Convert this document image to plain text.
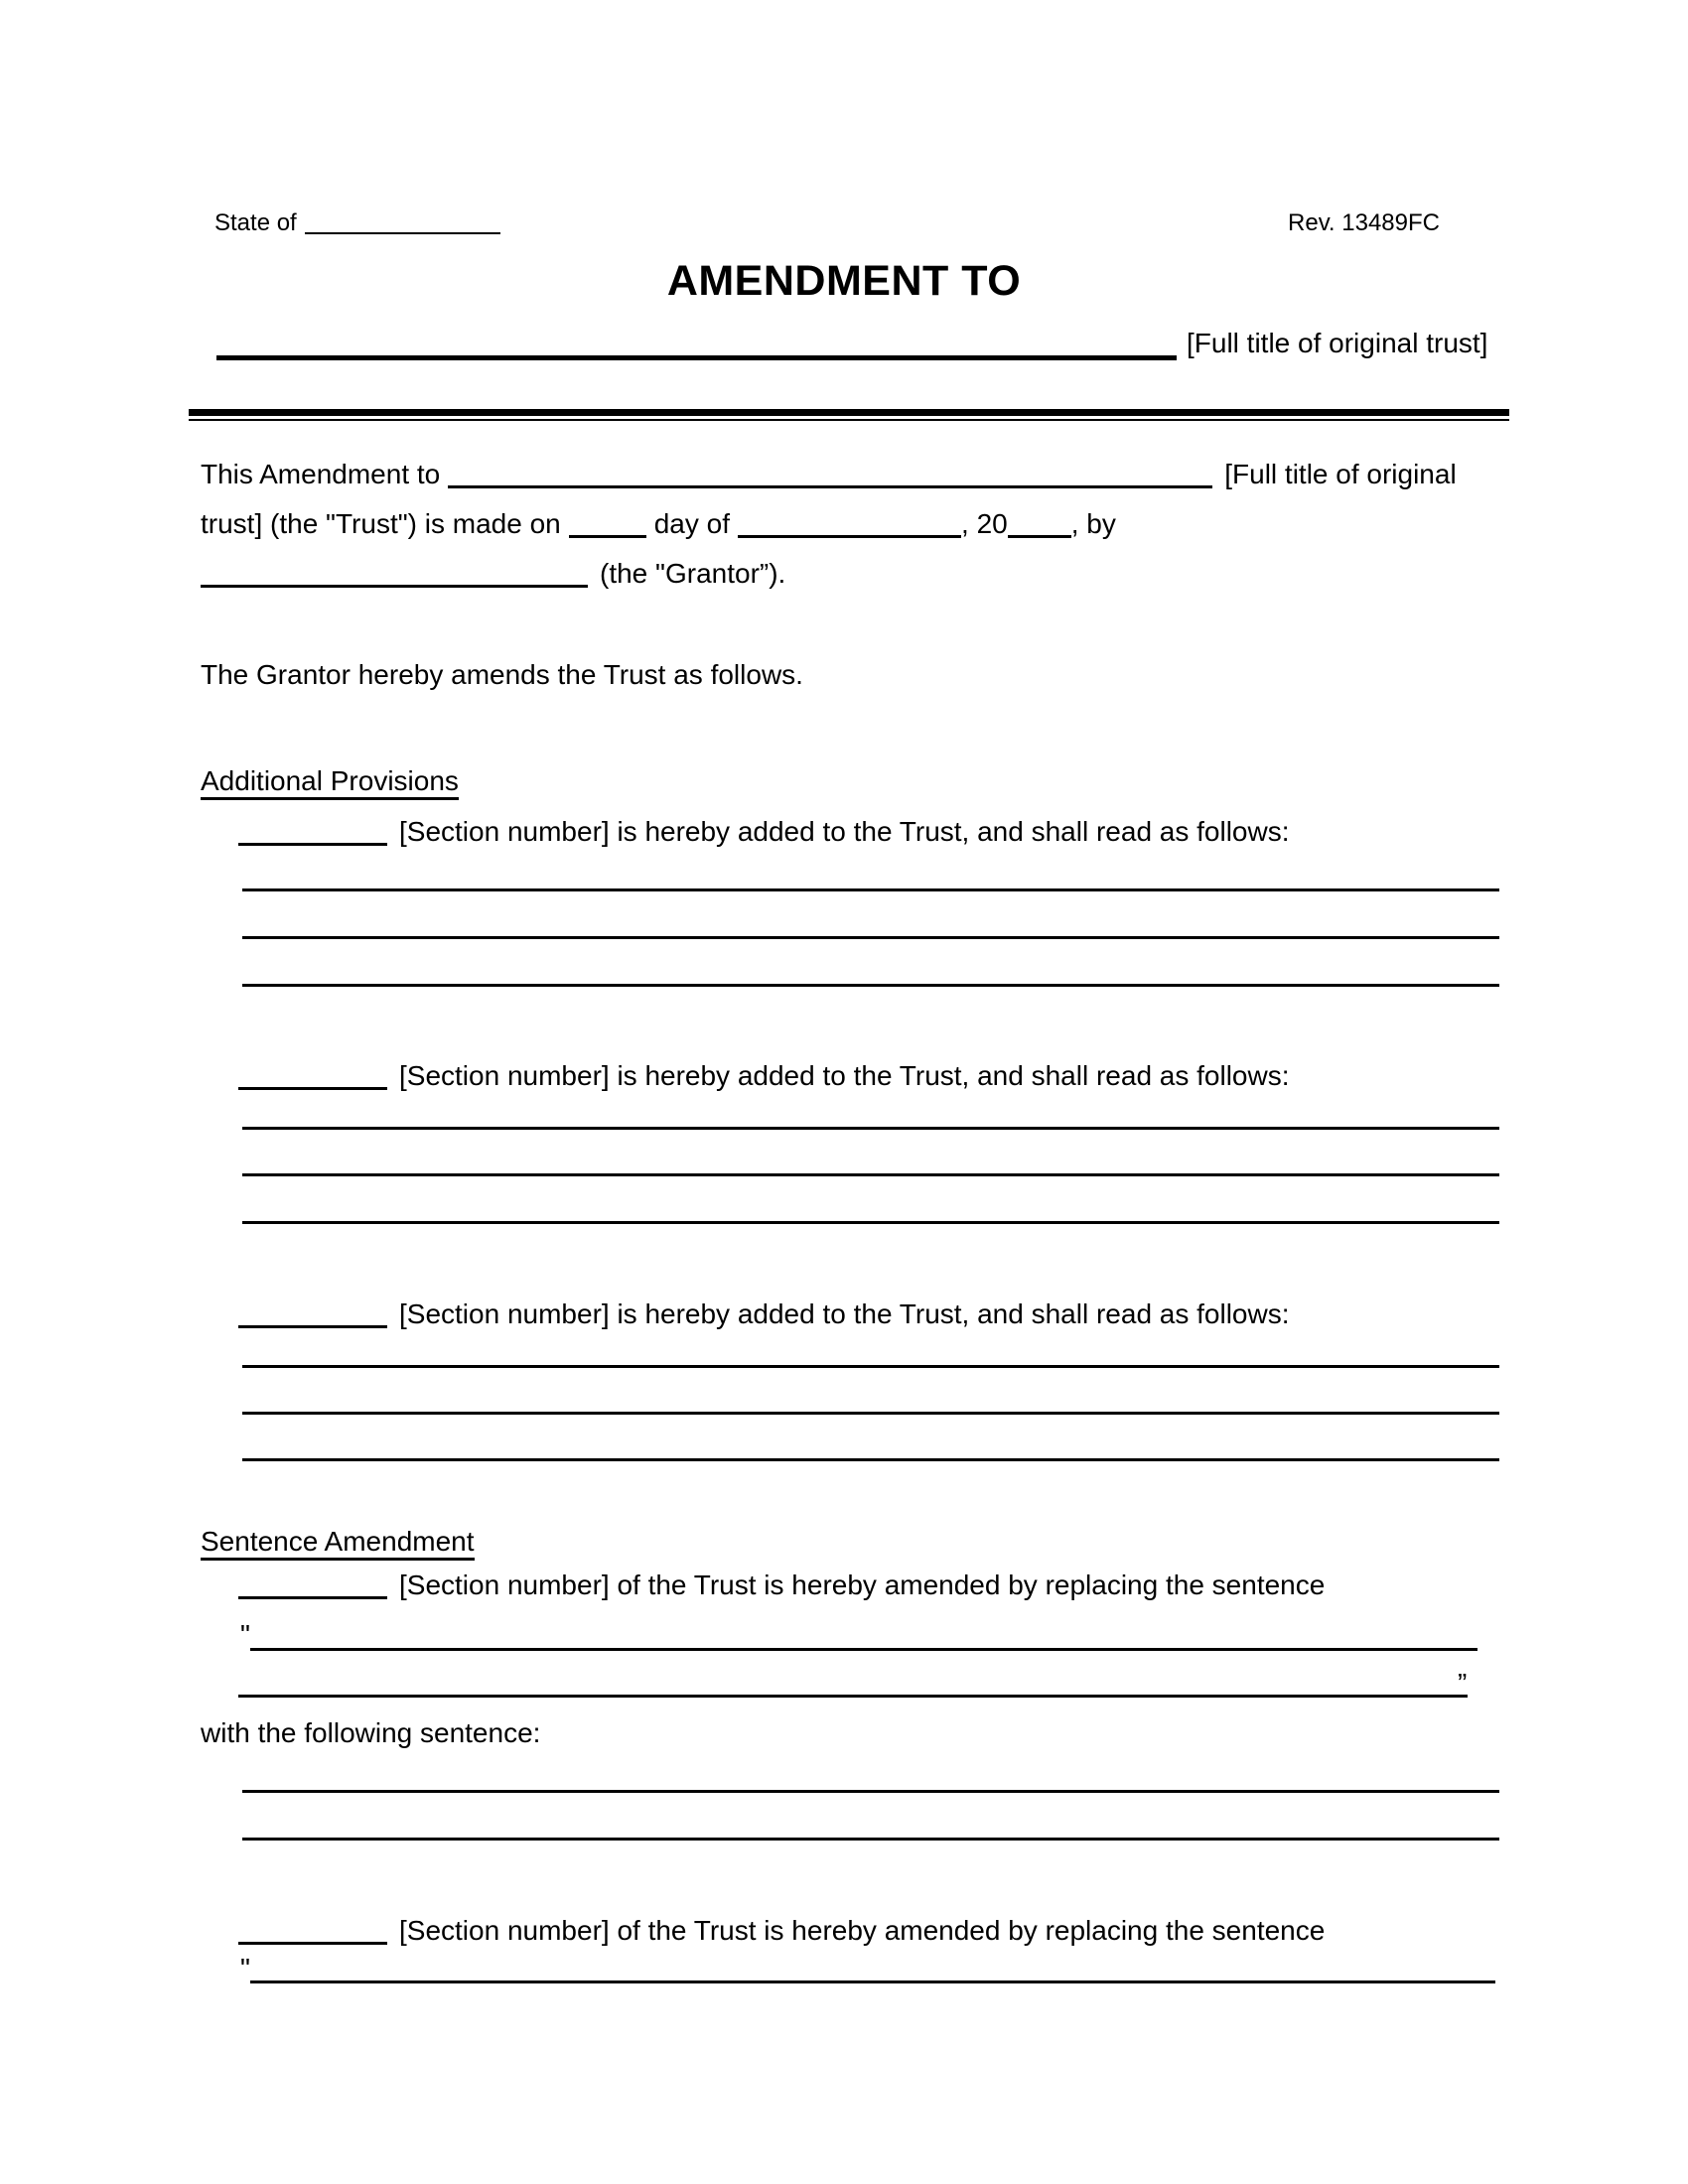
State of	Rev. 13489FC
AMENDMENT TO
[Full title of original trust]
This Amendment to	[Full title of original
trust] (the "Trust") is made on	day of	, 20 , by
(the "Grantor”).
The Grantor hereby amends the Trust as follows.
Additional Provisions
[Section number] is hereby added to the Trust, and shall read as follows:
[Section number] is hereby added to the Trust, and shall read as follows:
[Section number] is hereby added to the Trust, and shall read as follows:
Sentence Amendment
[Section number] of the Trust is hereby amended by replacing the sentence
"
”
with the following sentence:
[Section number] of the Trust is hereby amended by replacing the sentence
"
